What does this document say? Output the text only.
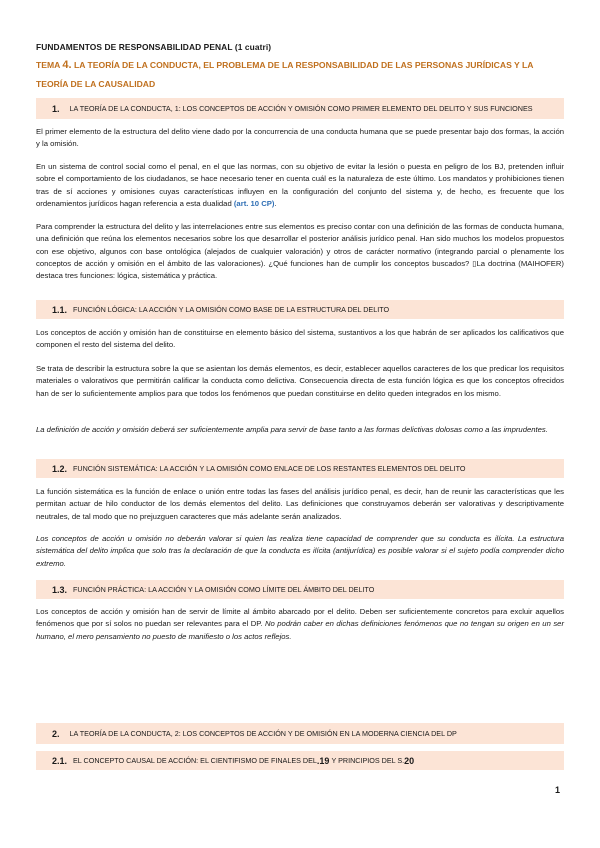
FUNDAMENTOS DE RESPONSABILIDAD PENAL (1 cuatri)
TEMA 4. LA TEORÍA DE LA CONDUCTA, EL PROBLEMA DE LA RESPONSABILIDAD DE LAS PERSONAS JURÍDICAS Y LA TEORÍA DE LA CAUSALIDAD
1. LA TEORÍA DE LA CONDUCTA, 1: LOS CONCEPTOS DE ACCIÓN Y OMISIÓN COMO PRIMER ELEMENTO DEL DELITO Y SUS FUNCIONES
El primer elemento de la estructura del delito viene dado por la concurrencia de una conducta humana que se puede presentar bajo dos formas, la acción y la omisión.
En un sistema de control social como el penal, en el que las normas, con su objetivo de evitar la lesión o puesta en peligro de los BJ, pretenden influir sobre el comportamiento de los ciudadanos, se hace necesario tener en cuenta cuál es la naturaleza de este último. Los mandatos y prohibiciones tienen tras de sí acciones y omisiones cuyas características influyen en la configuración del conjunto del sistema y, de hecho, es frecuente que los ordenamientos jurídicos hagan referencia a esta dualidad (art. 10 CP).
Para comprender la estructura del delito y las interrelaciones entre sus elementos es preciso contar con una definición de las formas de conducta humana, una definición que reúna los elementos necesarios sobre los que desarrollar el posterior análisis jurídico penal. Han sido muchos los modelos propuestos con ese objetivo, algunos con base ontológica (alejados de cualquier valoración) y otros de carácter normativo (integrando parcial o plenamente los conceptos de acción y omisión en el ámbito de las valoraciones). ¿Qué funciones han de cumplir los conceptos buscados? ▯La doctrina (MAIHOFER) destaca tres funciones: lógica, sistemática y práctica.
1.1. FUNCIÓN LÓGICA: LA ACCIÓN Y LA OMISIÓN COMO BASE DE LA ESTRUCTURA DEL DELITO
Los conceptos de acción y omisión han de constituirse en elemento básico del sistema, sustantivos a los que habrán de ser aplicados los calificativos que componen el resto del sistema del delito.
Se trata de describir la estructura sobre la que se asientan los demás elementos, es decir, establecer aquellos caracteres de los que predicar los requisitos materiales o valorativos que permitirán calificar la conducta como delictiva. Consecuencia directa de esta función lógica es que los conceptos ofrecidos han de ser lo suficientemente amplios para que todos los fenómenos que puedan constituirse en delito queden integrados en los mismo.
La definición de acción y omisión deberá ser suficientemente amplia para servir de base tanto a las formas delictivas dolosas como a las imprudentes.
1.2. FUNCIÓN SISTEMÁTICA: LA ACCIÓN Y LA OMISIÓN COMO ENLACE DE LOS RESTANTES ELEMENTOS DEL DELITO
La función sistemática es la función de enlace o unión entre todas las fases del análisis jurídico penal, es decir, han de reunir las características que les permitan actuar de hilo conductor de los demás elementos del delito. Las definiciones que construyamos deberán ser valorativas y descriptivamente neutrales, de tal modo que no prejuzguen caracteres que más adelante serán analizados.
Los conceptos de acción u omisión no deberán valorar si quien las realiza tiene capacidad de comprender que su conducta es ilícita. La estructura sistemática del delito implica que solo tras la declaración de que la conducta es ilícita (antijurídica) es posible valorar si el sujeto podía comprender dicho extremo.
1.3. FUNCIÓN PRÁCTICA: LA ACCIÓN Y LA OMISIÓN COMO LÍMITE DEL ÁMBITO DEL DELITO
Los conceptos de acción y omisión han de servir de límite al ámbito abarcado por el delito. Deben ser suficientemente concretos para excluir aquellos fenómenos que por sí solos no puedan ser relevantes para el DP. No podrán caber en dichas definiciones fenómenos que no tengan su origen en un ser humano, el mero pensamiento no puesto de manifiesto o los actos reflejos.
2. LA TEORÍA DE LA CONDUCTA, 2: LOS CONCEPTOS DE ACCIÓN Y DE OMISIÓN EN LA MODERNA CIENCIA DEL DP
2.1. EL CONCEPTO CAUSAL DE ACCIÓN: EL CIENTIFISMO DE FINALES DEL .19
Y PRINCIPIOS DEL S. 20
1
